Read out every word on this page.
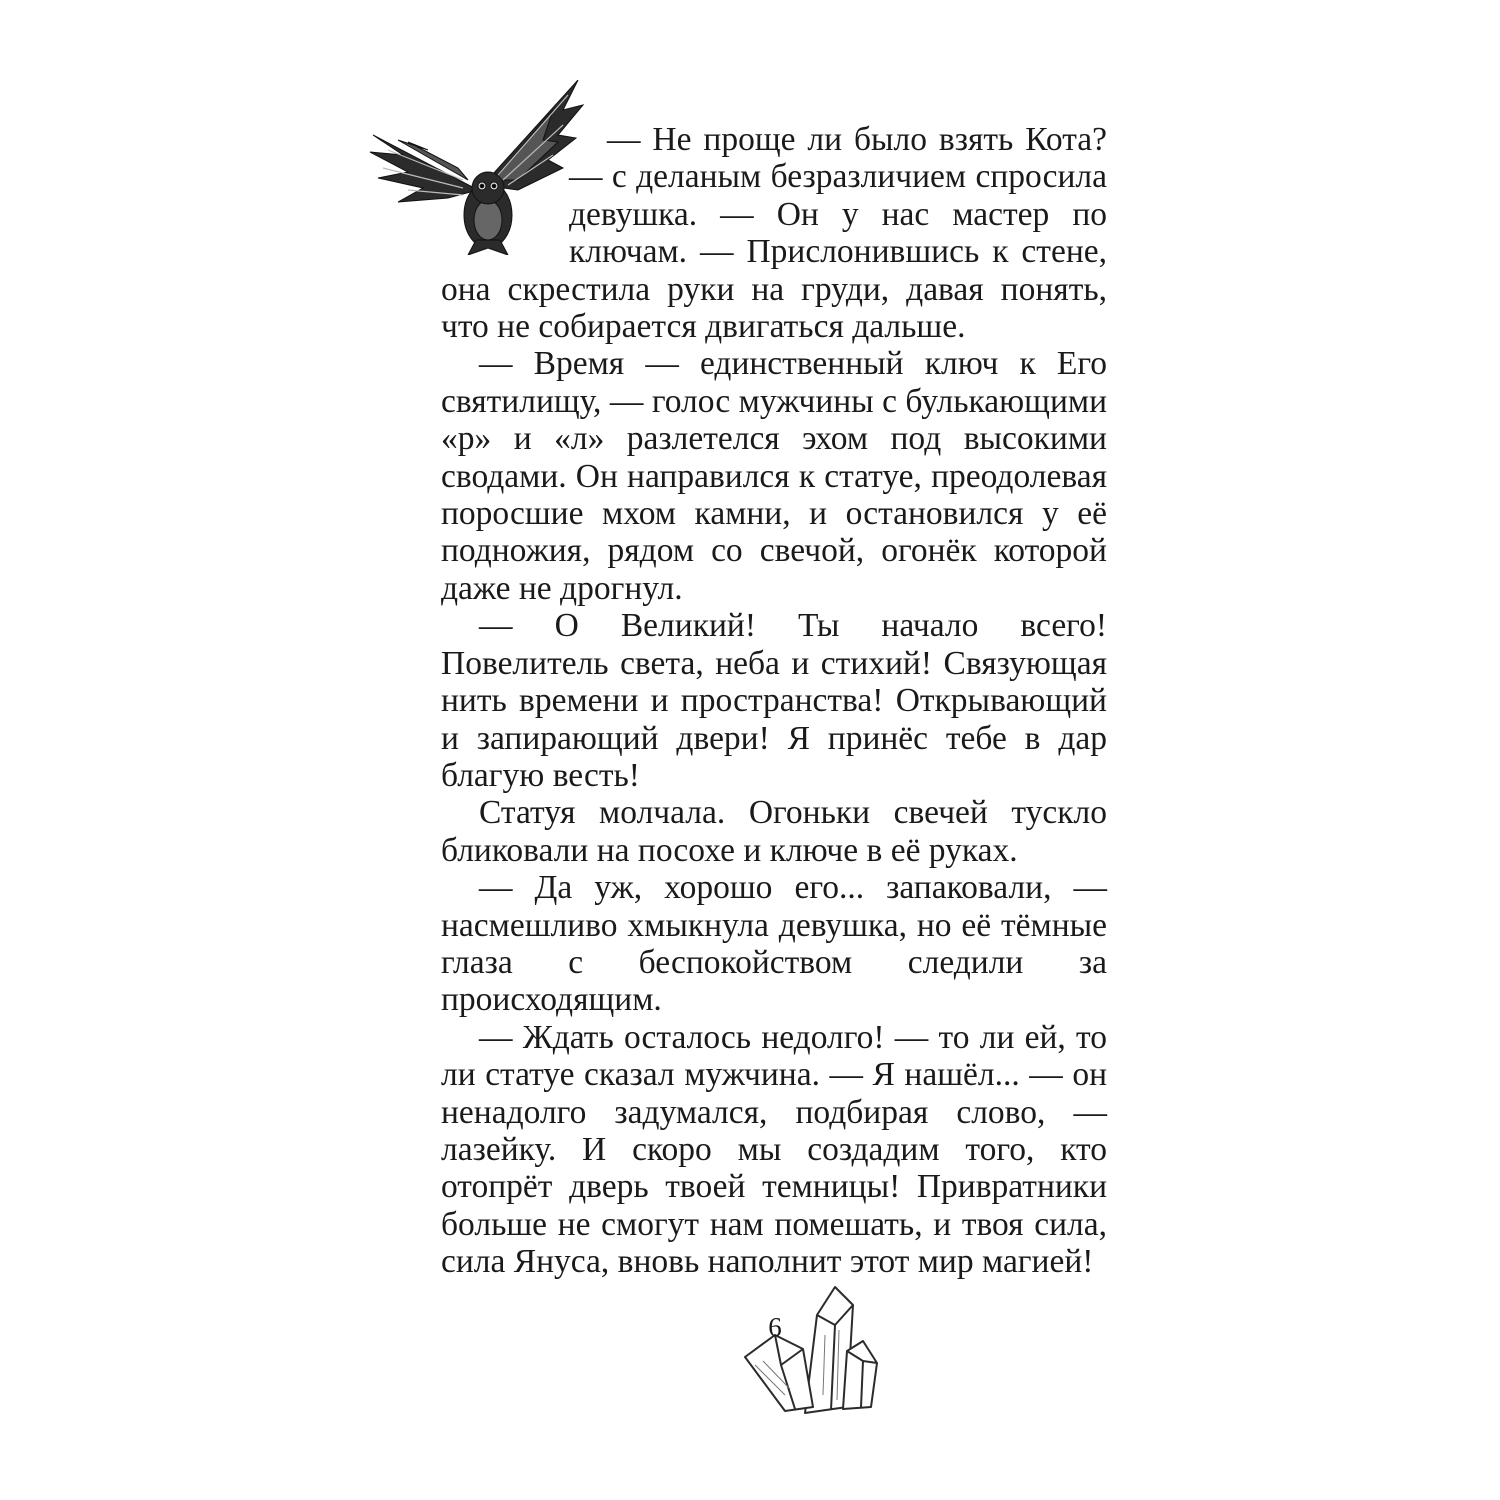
— Не проще ли было взять Кота? — с деланым безразличием спросила девушка. — Он у нас мастер по ключам. — Прислонившись к стене, она скрестила руки на груди, давая понять, что не собирается двигаться дальше.

— Время — единственный ключ к Его святилищу, — голос мужчины с булькающими «р» и «л» разлетелся эхом под высокими сводами. Он направился к статуе, преодолевая поросшие мхом камни, и остановился у её подножия, рядом со свечой, огонёк которой даже не дрогнул.

— О Великий! Ты начало всего! Повелитель света, неба и стихий! Связующая нить времени и пространства! Открывающий и запирающий двери! Я принёс тебе в дар благую весть!

Статуя молчала. Огоньки свечей тускло бликовали на посохе и ключе в её руках.

— Да уж, хорошо его... запаковали, — насмешливо хмыкнула девушка, но её тёмные глаза с беспокойством следили за происходящим.

— Ждать осталось недолго! — то ли ей, то ли статуе сказал мужчина. — Я нашёл... — он ненадолго задумался, подбирая слово, — лазейку. И скоро мы создадим того, кто отопрёт дверь твоей темницы! Привратники больше не смогут нам помешать, и твоя сила, сила Януса, вновь наполнит этот мир магией!

6
